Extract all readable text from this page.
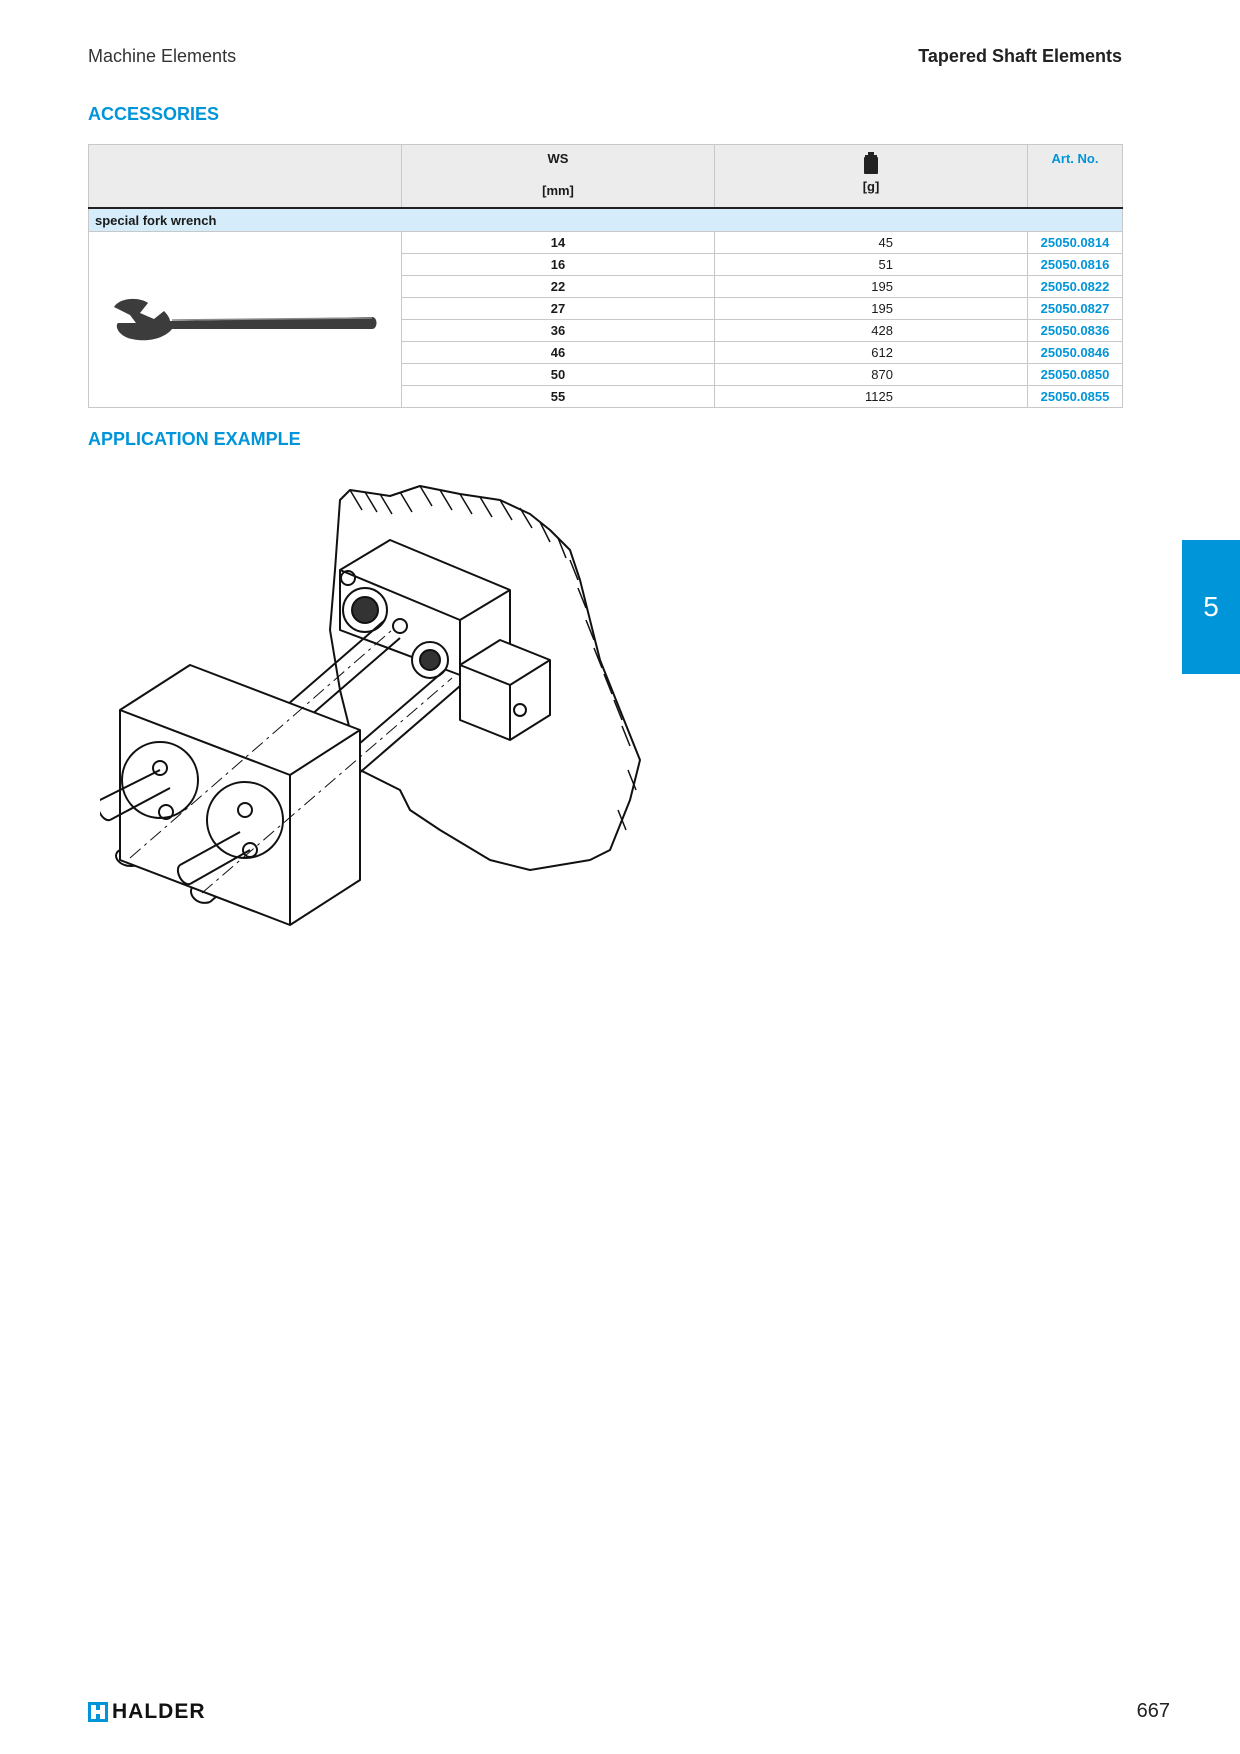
Machine Elements	Tapered Shaft Elements
ACCESSORIES

	WS
[mm]	[g]	Art. No.

special fork wrench			
	14	45	25050.0814
	16	51	25050.0816
	22	195	25050.0822
	27	195	25050.0827
	36	428	25050.0836
	46	612	25050.0846
	50	870	25050.0850
	55	1125	25050.0855
APPLICATION EXAMPLE
5
HALDER	667
